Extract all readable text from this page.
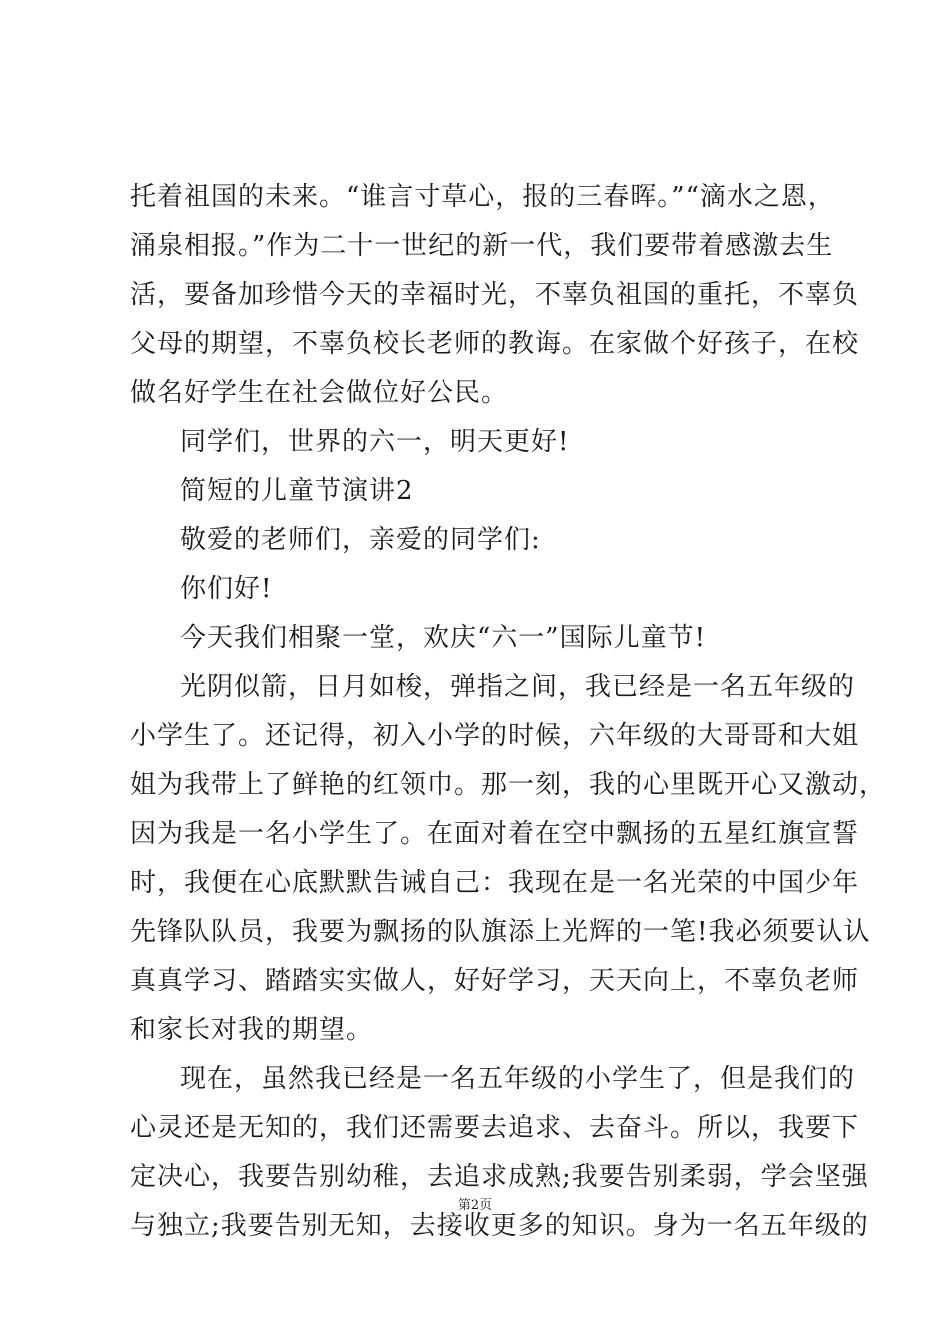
托着祖国的未来。“谁言寸草心，报的三春晖。”“滴水之恩，
涌泉相报。”作为二十一世纪的新一代，我们要带着感激去生
活，要备加珍惜今天的幸福时光，不辜负祖国的重托，不辜负
父母的期望，不辜负校长老师的教诲。在家做个好孩子，在校
做名好学生在社会做位好公民。
同学们，世界的六一，明天更好!
简短的儿童节演讲2
敬爱的老师们，亲爱的同学们:
你们好!
今天我们相聚一堂，欢庆“六一”国际儿童节!
光阴似箭，日月如梭，弹指之间，我已经是一名五年级的
小学生了。还记得，初入小学的时候，六年级的大哥哥和大姐
姐为我带上了鲜艳的红领巾。那一刻，我的心里既开心又激动，
因为我是一名小学生了。在面对着在空中飘扬的五星红旗宣誓
时，我便在心底默默告诫自己：我现在是一名光荣的中国少年
先锋队队员，我要为飘扬的队旗添上光辉的一笔!我必须要认认
真真学习、踏踏实实做人，好好学习，天天向上，不辜负老师
和家长对我的期望。
现在，虽然我已经是一名五年级的小学生了，但是我们的
心灵还是无知的，我们还需要去追求、去奋斗。所以，我要下
定决心，我要告别幼稚，去追求成熟;我要告别柔弱，学会坚强
与独立;我要告别无知，去接收更多的知识。身为一名五年级的
第2页
